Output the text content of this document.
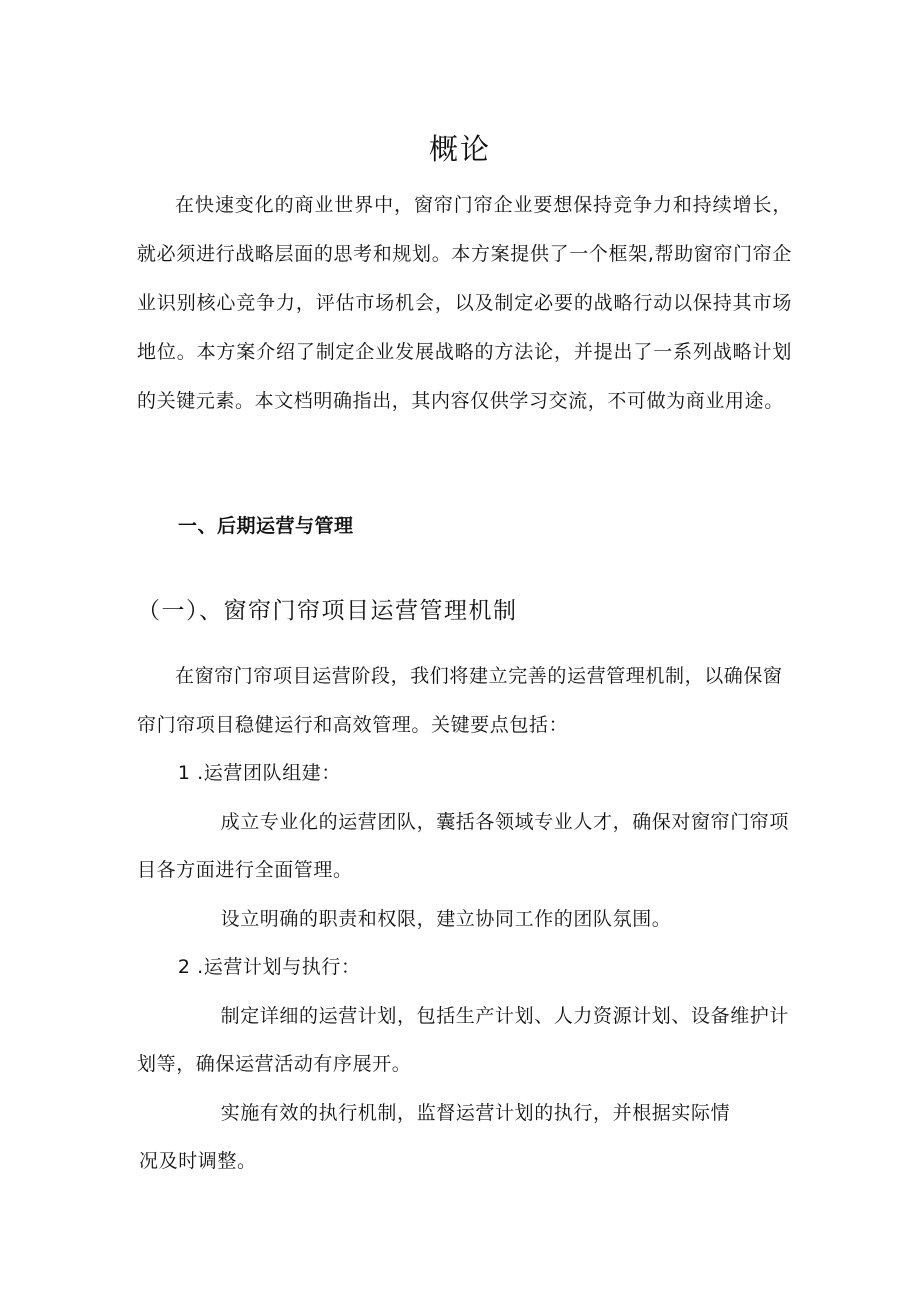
概论

在快速变化的商业世界中，窗帘门帘企业要想保持竞争力和持续增长，就必须进行战略层面的思考和规划。本方案提供了一个框架,帮助窗帘门帘企业识别核心竞争力，评估市场机会，以及制定必要的战略行动以保持其市场地位。本方案介绍了制定企业发展战略的方法论，并提出了一系列战略计划的关键元素。本文档明确指出，其内容仅供学习交流，不可做为商业用途。

一、后期运营与管理
（一）、窗帘门帘项目运营管理机制

在窗帘门帘项目运营阶段，我们将建立完善的运营管理机制，以确保窗帘门帘项目稳健运行和高效管理。关键要点包括：

1 .运营团队组建：

成立专业化的运营团队，囊括各领域专业人才，确保对窗帘门帘项目各方面进行全面管理。

设立明确的职责和权限，建立协同工作的团队氛围。

2 .运营计划与执行：

制定详细的运营计划，包括生产计划、人力资源计划、设备维护计划等，确保运营活动有序展开。

实施有效的执行机制，监督运营计划的执行，并根据实际情

况及时调整。
